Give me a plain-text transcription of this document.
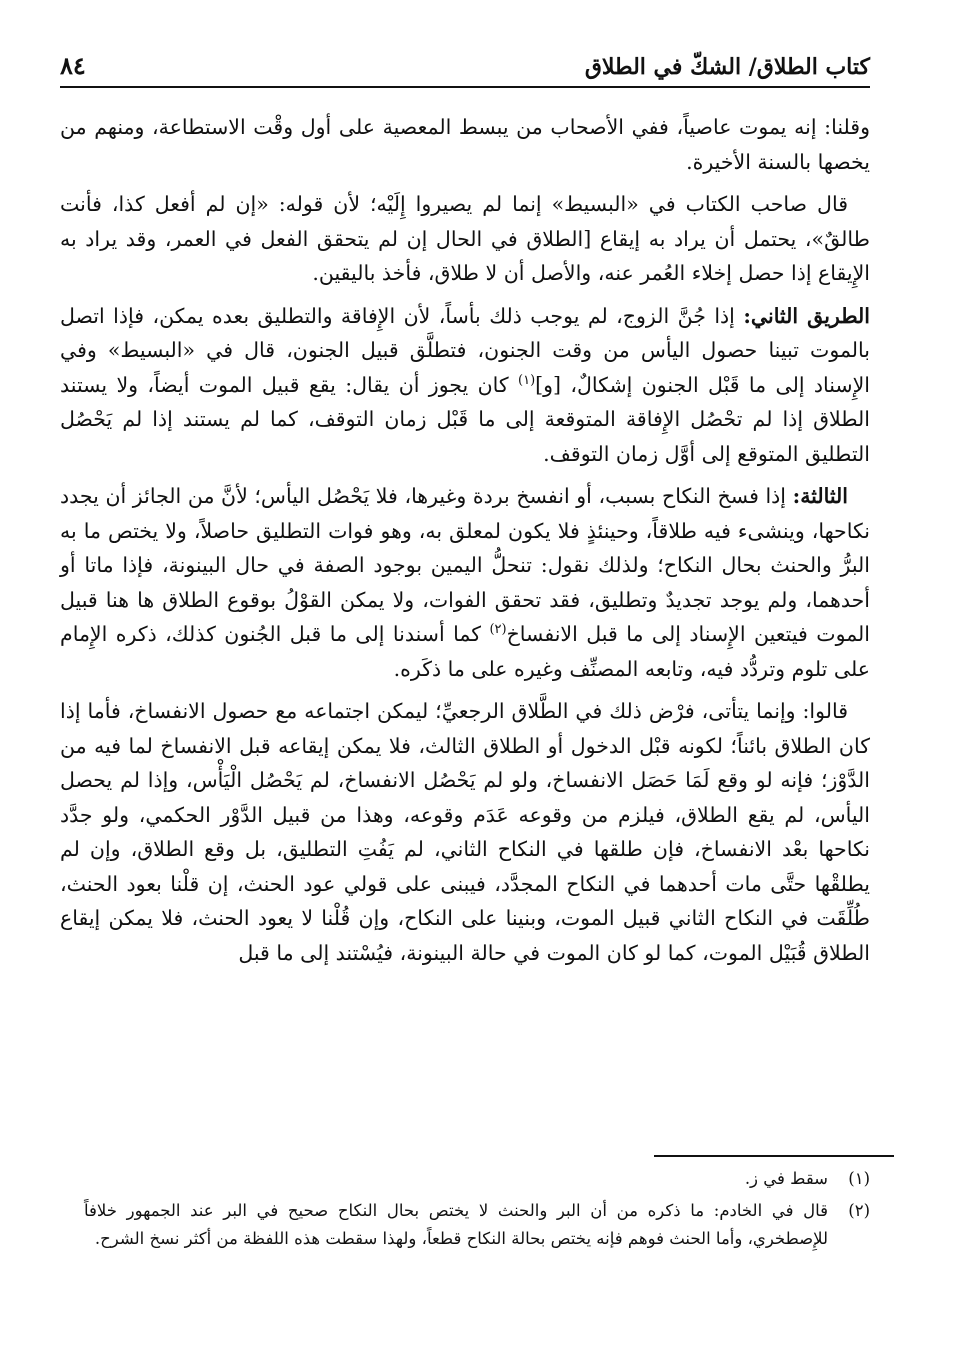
كتاب الطلاق/ الشكّ في الطلاق
٨٤

وقلنا: إنه يموت عاصياً، ففي الأصحاب من يبسط المعصية على أول وقْت الاستطاعة، ومنهم من يخصها بالسنة الأخيرة.

قال صاحب الكتاب في «البسيط» إنما لم يصيروا إِلَيْه؛ لأن قوله: «إن لم أفعل كذا، فأنت طالقٌ»، يحتمل أن يراد به إيقاع [الطلاق في الحال إن لم يتحقق الفعل في العمر، وقد يراد به الإِيقاع إذا حصل إخلاء العُمر عنه، والأصل أن لا طلاق، فأخذ باليقين.

الطريق الثاني: إذا جُنَّ الزوج، لم يوجب ذلك بأساً، لأن الإِفاقة والتطليق بعده يمكن، فإذا اتصل بالموت تبينا حصول اليأس من وقت الجنون، فتطلَّق قبيل الجنون، قال في «البسيط» وفي الإِسناد إلى ما قَبْل الجنون إشكالٌ، [و]$^{(١)}$ كان يجوز أن يقال: يقع قبيل الموت أيضاً، ولا يستند الطلاق إذا لم تحْصُل الإِفاقة المتوقعة إلى ما قَبْل زمان التوقف، كما لم يستند إذا لم يَحْصُل التطليق المتوقع إلى أوَّل زمان التوقف.

الثالثة: إذا فسخ النكاح بسبب، أو انفسخ بردة وغيرها، فلا يَحْصُل اليأس؛ لأنَّ من الجائز أن يجدد نكاحها، وينشىء فيه طلاقاً، وحينئذٍ فلا يكون لمعلق به، وهو فوات التطليق حاصلاً، ولا يختص ما به البرُّ والحنث بحال النكاح؛ ولذلك نقول: تنحلُّ اليمين بوجود الصفة في حال البينونة، فإذا ماتا أو أحدهما، ولم يوجد تجديدٌ وتطليق، فقد تحقق الفوات، ولا يمكن القوْلُ بوقوع الطلاق ها هنا قبيل الموت فيتعين الإِسناد إلى ما قبل الانفساخ$^{(٢)}$ كما أسندنا إلى ما قبل الجُنون كذلك، ذكره الإِمام على تلوم وتردُّد فيه، وتابعه المصنِّف وغيره على ما ذكَره.

قالوا: وإنما يتأتى، فرْض ذلك في الطَّلاق الرجعيِّ؛ ليمكن اجتماعه مع حصول الانفساخ، فأما إذا كان الطلاق بائناً؛ لكونه قبْل الدخول أو الطلاق الثالث، فلا يمكن إيقاعه قبل الانفساخ لما فيه من الدَّوْز؛ فإنه لو وقع لَمَا حَصَل الانفساخ، ولو لم يَحْصُل الانفساخ، لم يَحْصُل الْيَأْس، وإذا لم يحصل اليأس، لم يقع الطلاق، فيلزم من وقوعه عَدَم وقوعه، وهذا من قبيل الدَّوْر الحكمي، ولو جدَّد نكاحها بعْد الانفساخ، فإن طلقها في النكاح الثاني، لم يَفُتِ التطليق، بل وقع الطلاق، وإن لم يطلقْها حتَّى مات أحدهما في النكاح المجدَّد، فيبنى على قولي عود الحنث، إن قلْنا بعود الحنث، طُلِّقَت في النكاح الثاني قبيل الموت، وبنينا على النكاح، وإن قُلْنا لا يعود الحنث، فلا يمكن إيقاع الطلاق قُبَيْل الموت، كما لو كان الموت في حالة البينونة، فيُسْتند إلى ما قبل

(١)
سقط في ز.
(٢)
قال في الخادم: ما ذكره من أن البر والحنث لا يختص بحال النكاح صحيح في البر عند الجمهور خلافاً للإِصطخري، وأما الحنث فوهم فإنه يختص بحالة النكاح قطعاً، ولهذا سقطت هذه اللفظة من أكثر نسخ الشرح.
